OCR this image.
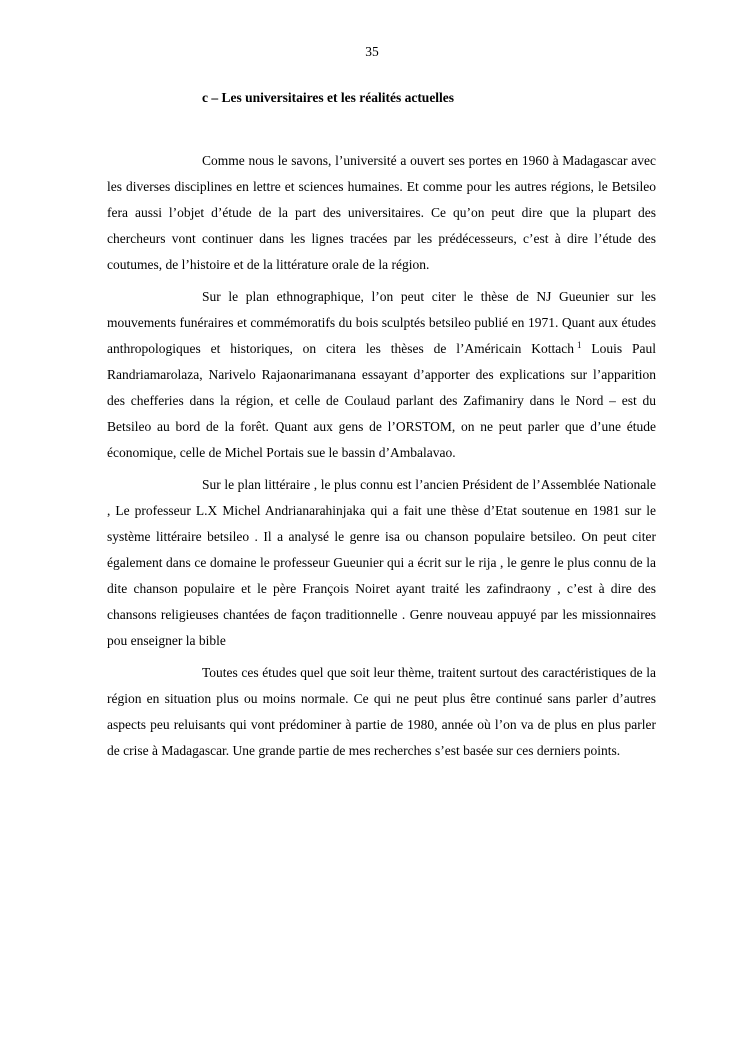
35
c – Les universitaires et les réalités actuelles

Comme nous le savons, l’université a ouvert ses portes en 1960 à Madagascar avec les diverses disciplines en lettre et sciences humaines. Et comme pour les autres régions, le Betsileo fera aussi l’objet d’étude de la part des universitaires. Ce qu’on peut dire que la plupart des chercheurs vont continuer dans les lignes tracées par les prédécesseurs, c’est à dire l’étude des coutumes, de l’histoire et de la littérature orale de la région.

Sur le plan ethnographique, l’on peut citer le thèse de NJ Gueunier sur les mouvements funéraires et commémoratifs du bois sculptés betsileo publié en 1971. Quant aux études anthropologiques et historiques, on citera les thèses de l’Américain Kottach $^1$ Louis Paul Randriamarolaza, Narivelo Rajaonarimanana essayant d’apporter des explications sur l’apparition des chefferies dans la région, et celle de Coulaud parlant des Zafimaniry dans le Nord – est du Betsileo au bord de la forêt. Quant aux gens de l’ORSTOM, on ne peut parler que d’une étude économique, celle de Michel Portais sue le bassin d’Ambalavao.

Sur le plan littéraire , le plus connu est l’ancien Président de l’Assemblée Nationale , Le professeur L.X Michel Andrianarahinjaka qui a fait une thèse d’Etat soutenue en 1981 sur le système littéraire betsileo . Il a analysé le genre isa ou chanson populaire betsileo. On peut citer également dans ce domaine le professeur Gueunier qui a écrit sur le rija , le genre le plus connu de la dite chanson populaire et le père François Noiret ayant traité les zafindraony , c’est à dire des chansons religieuses chantées de façon traditionnelle . Genre nouveau appuyé par les missionnaires pou enseigner la bible

Toutes ces études quel que soit leur thème, traitent surtout des caractéristiques de la région en situation plus ou moins normale. Ce qui ne peut plus être continué sans parler d’autres aspects peu reluisants qui vont prédominer à partie de 1980, année où l’on va de plus en plus parler de crise à Madagascar. Une grande partie de mes recherches s’est basée sur ces derniers points.
